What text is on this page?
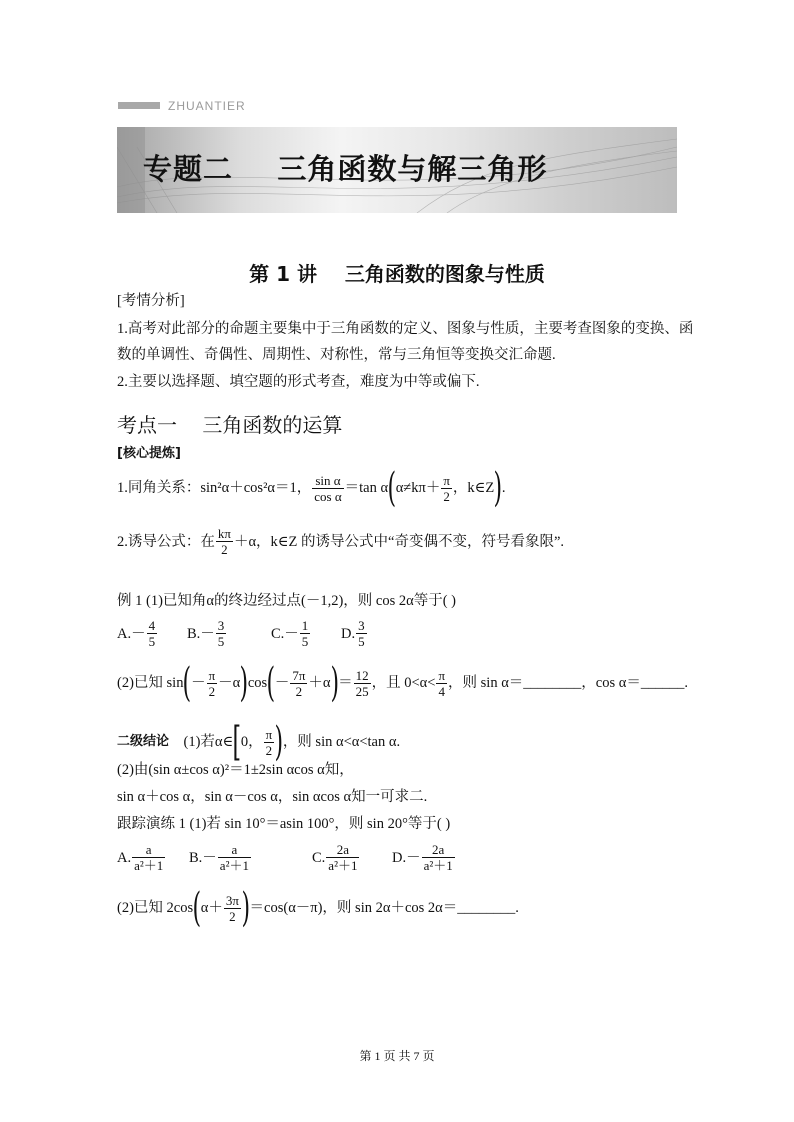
ZHUANTIER
专题二    三角函数与解三角形
第 1 讲    三角函数的图象与性质
[考情分析]
1.高考对此部分的命题主要集中于三角函数的定义、图象与性质，主要考查图象的变换、函
数的单调性、奇偶性、周期性、对称性，常与三角恒等变换交汇命题.
2.主要以选择题、填空题的形式考查，难度为中等或偏下.
考点一    三角函数的运算
[核心提炼]
1.同角关系：sin²α＋cos²α＝1， $\frac{\text{sin α}}{\text{cos α}} =\tan$ α ( $\alpha\ne k\pi+ \frac{\pi}{2}$ ，k∈Z ) .
2.诱导公式：在 $\frac{k\pi}{2} +\alpha$，k∈Z 的诱导公式中“奇变偶不变，符号看象限”.
例 1 (1)已知角α的终边经过点(－1,2)，则 cos 2α等于( )
$A.- \frac{4}{5} B.- \frac{3}{5}$	$C.- \frac{1}{5} D$. $\frac{3}{5}$
(2)已知 sin ( － $\frac{\pi}{2} -\alpha$ ) cos ( － $\frac{7\pi}{2} +\alpha$ ) ＝ $\frac{12}{25}$ ，且 $0<\alpha< \frac{\pi}{4}$ ，则 sin α＝________，cos α＝______.
二级结论 (1)若α∈ [ 0， $\frac{\pi}{2}$ ) ，则 sin α<α<tan α.
(2)由(sin α±cos α)²＝1±2sin αcos α知，
sin α＋cos α，sin α－cos α，sin αcos α知一可求二.
跟踪演练 1 (1)若 sin 10°＝asin 100°，则 sin 20°等于( )
A. $\frac{a}{\text{a²＋1}} B.- \frac{a}{\text{a²＋1}}$	C. $\frac{2a}{\text{a²＋1}} D.- \frac{2a}{\text{a²＋1}}$
(2)已知 2cos ( $\alpha+ \frac{3\pi}{2}$ ) ＝cos(α－π)，则 sin 2α＋cos 2α＝________.
第 1 页 共 7 页
